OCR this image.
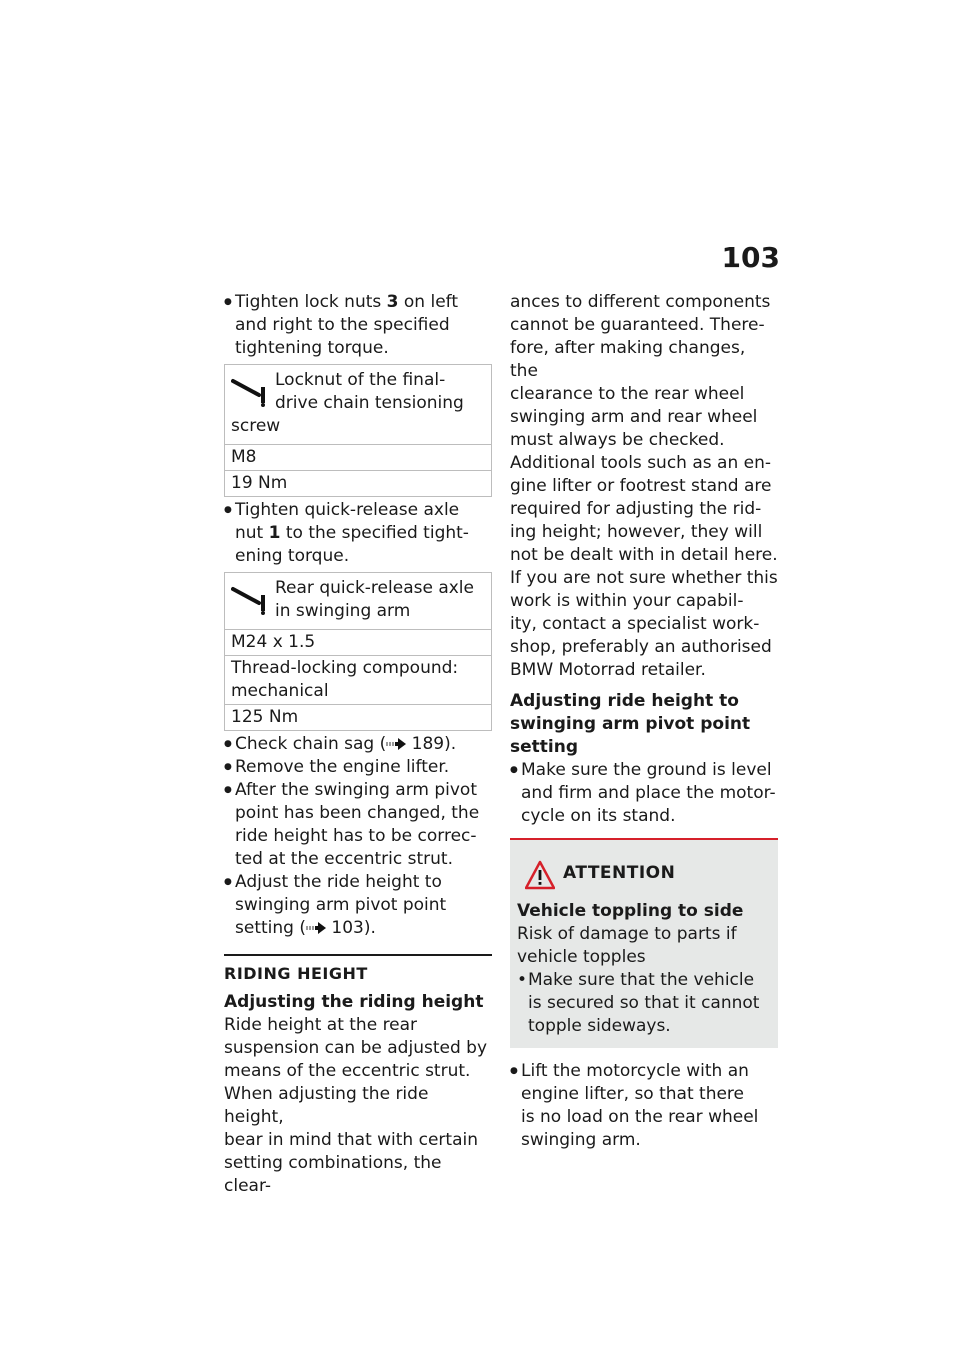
103
● Tighten lock nuts 3 on left
and right to the specified
tightening torque.
Locknut of the final-
drive chain tensioning
screw
M8
19 Nm
● Tighten quick-release axle
nut 1 to the specified tight-
ening torque.
Rear quick-release axle
in swinging arm
M24 x 1.5
Thread-locking compound:
mechanical
125 Nm
● Check chain sag ( 189).
● Remove the engine lifter.
● After the swinging arm pivot
point has been changed, the
ride height has to be correc-
ted at the eccentric strut.
● Adjust the ride height to
swinging arm pivot point
setting ( 103).
RIDING HEIGHT
Adjusting the riding height

Ride height at the rear
suspension can be adjusted by
means of the eccentric strut.
When adjusting the ride height,
bear in mind that with certain
setting combinations, the clear-

ances to different components
cannot be guaranteed. There-
fore, after making changes, the
clearance to the rear wheel
swinging arm and rear wheel
must always be checked.

Additional tools such as an en-
gine lifter or footrest stand are
required for adjusting the rid-
ing height; however, they will
not be dealt with in detail here.
If you are not sure whether this
work is within your capabil-
ity, contact a specialist work-
shop, preferably an authorised
BMW Motorrad retailer.

Adjusting ride height to
swinging arm pivot point
setting
● Make sure the ground is level
and firm and place the motor-
cycle on its stand.
ATTENTION
Vehicle toppling to side
Risk of damage to parts if
vehicle topples
• Make sure that the vehicle
is secured so that it cannot
topple sideways.
● Lift the motorcycle with an
engine lifter, so that there
is no load on the rear wheel
swinging arm.
